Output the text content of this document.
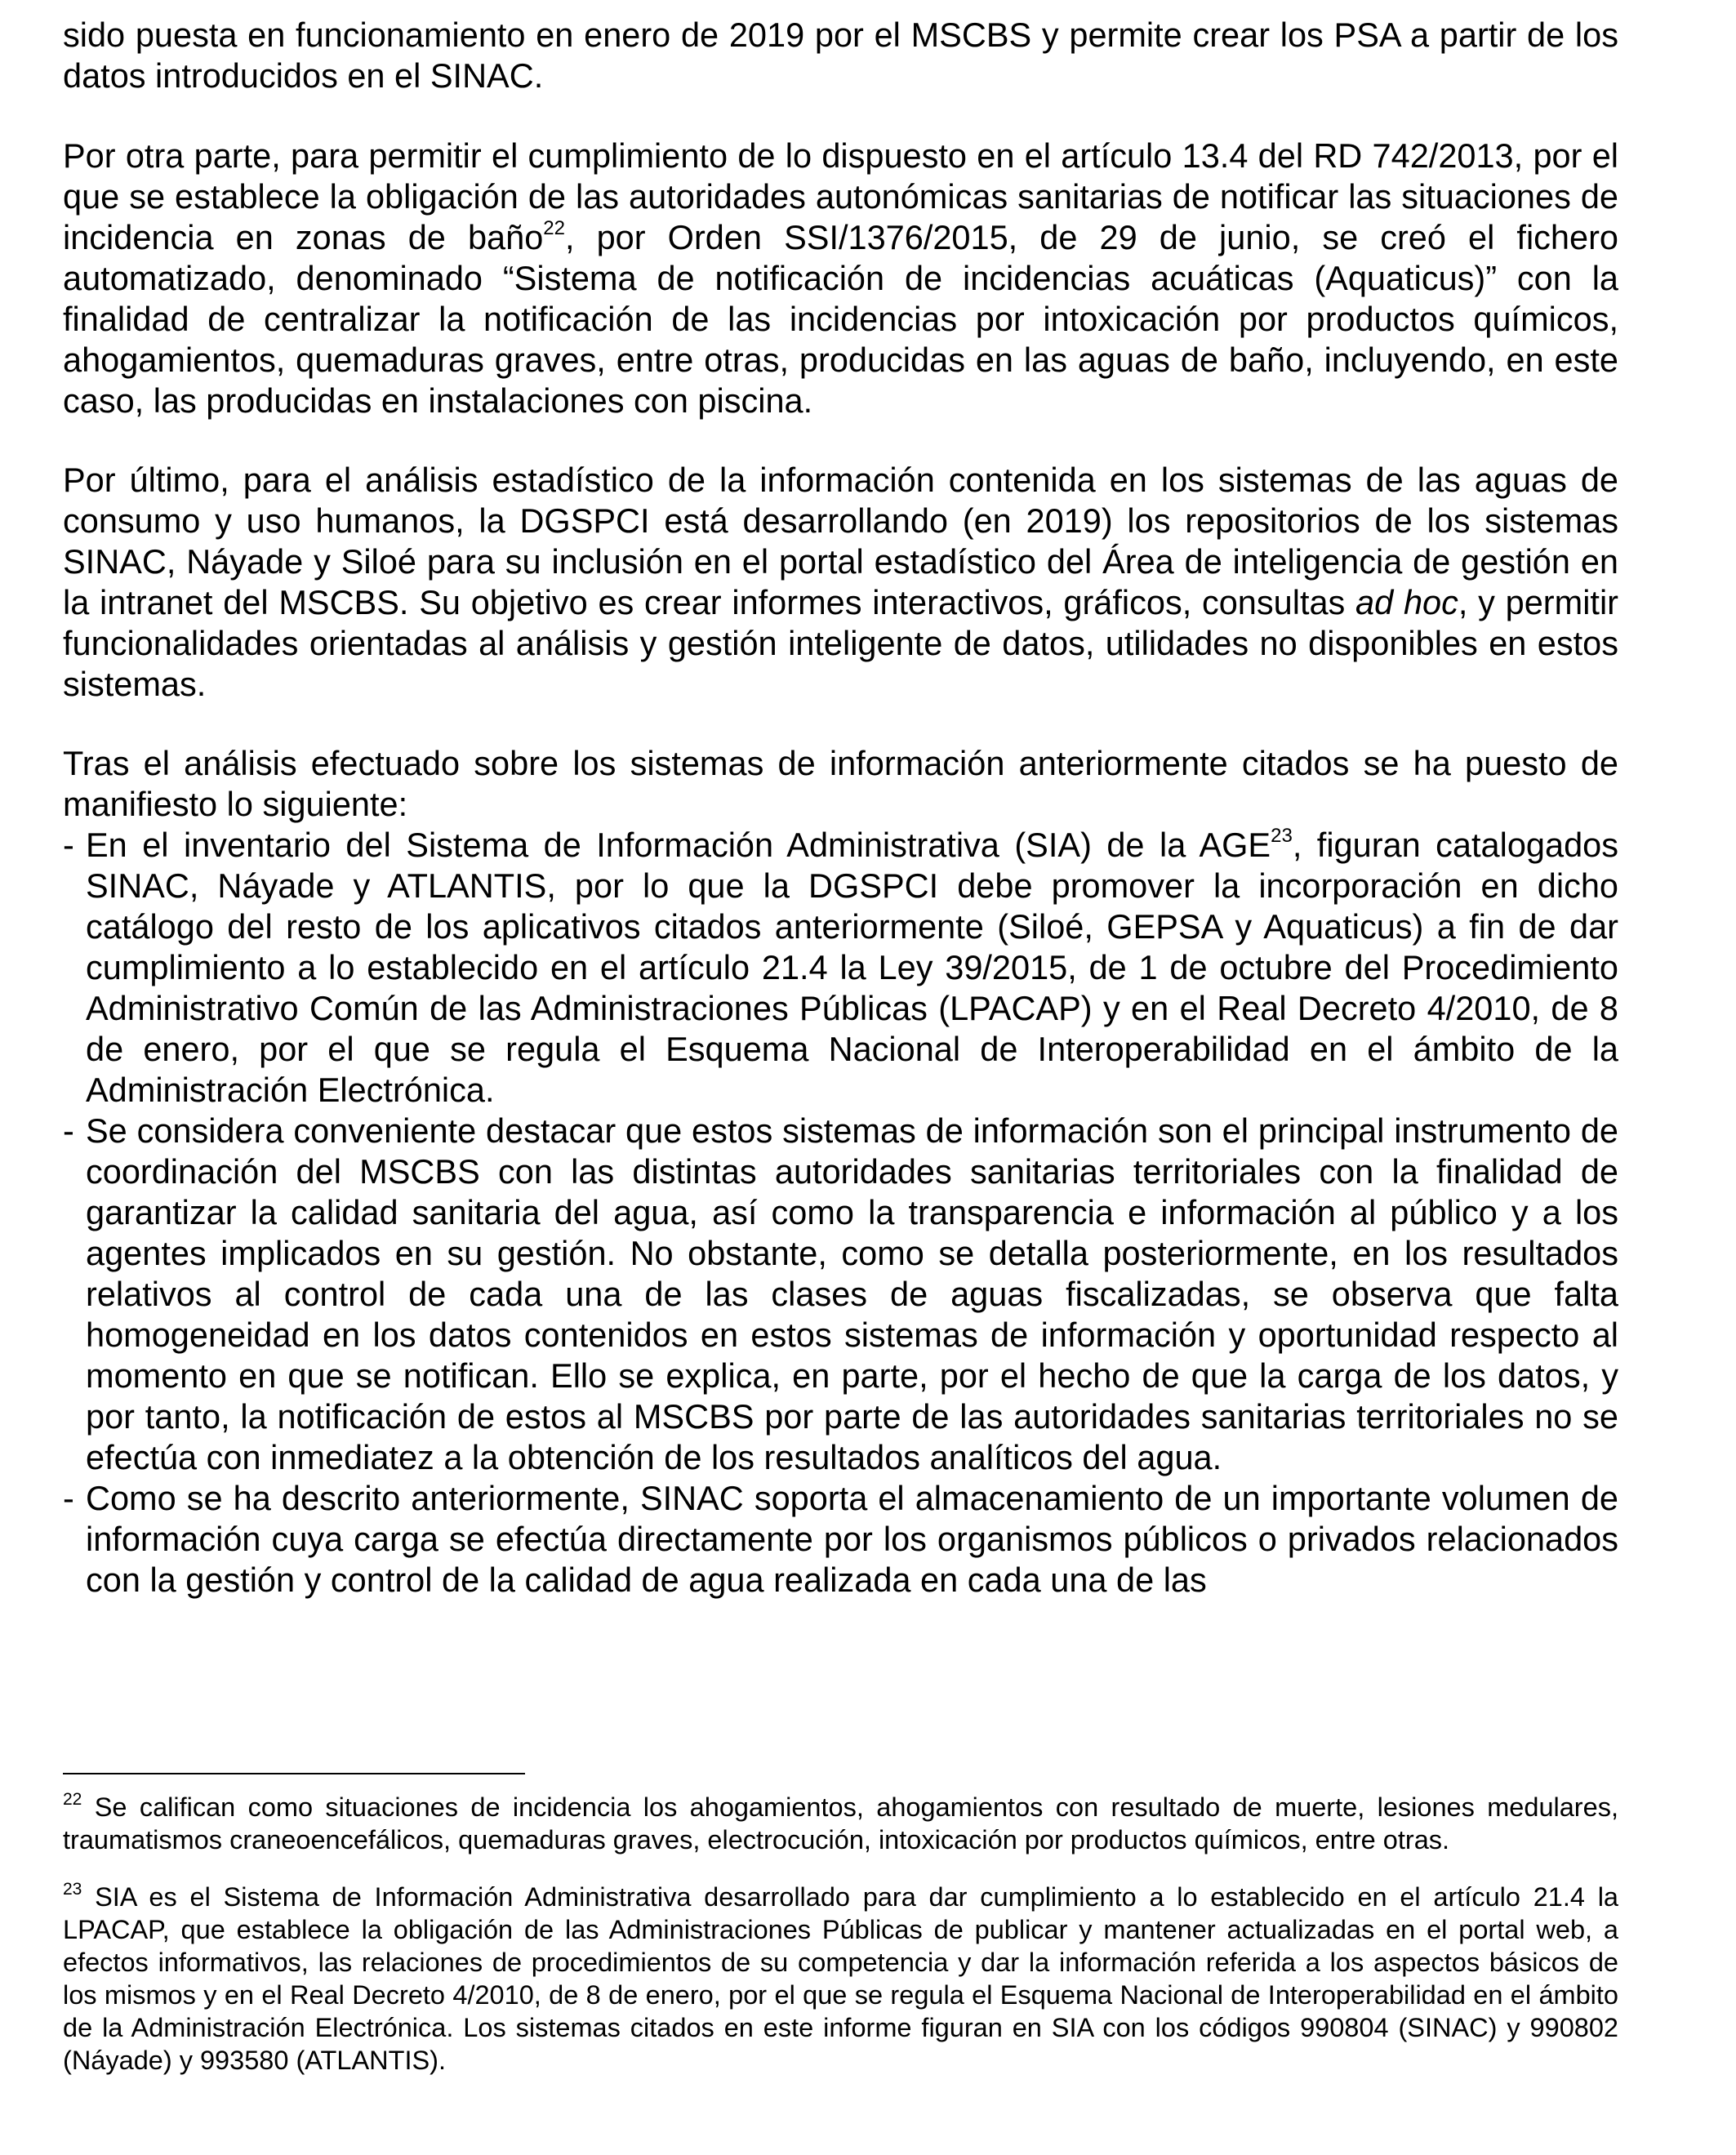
sido puesta en funcionamiento en enero de 2019 por el MSCBS y permite crear los PSA a partir de los datos introducidos en el SINAC.

Por otra parte, para permitir el cumplimiento de lo dispuesto en el artículo 13.4 del RD 742/2013, por el que se establece la obligación de las autoridades autonómicas sanitarias de notificar las situaciones de incidencia en zonas de baño$^{22}$, por Orden SSI/1376/2015, de 29 de junio, se creó el fichero automatizado, denominado “Sistema de notificación de incidencias acuáticas (Aquaticus)” con la finalidad de centralizar la notificación de las incidencias por intoxicación por productos químicos, ahogamientos, quemaduras graves, entre otras, producidas en las aguas de baño, incluyendo, en este caso, las producidas en instalaciones con piscina.

Por último, para el análisis estadístico de la información contenida en los sistemas de las aguas de consumo y uso humanos, la DGSPCI está desarrollando (en 2019) los repositorios de los sistemas SINAC, Náyade y Siloé para su inclusión en el portal estadístico del Área de inteligencia de gestión en la intranet del MSCBS. Su objetivo es crear informes interactivos, gráficos, consultas ad hoc, y permitir funcionalidades orientadas al análisis y gestión inteligente de datos, utilidades no disponibles en estos sistemas.

Tras el análisis efectuado sobre los sistemas de información anteriormente citados se ha puesto de manifiesto lo siguiente:

- En el inventario del Sistema de Información Administrativa (SIA) de la AGE$^{23}$, figuran catalogados SINAC, Náyade y ATLANTIS, por lo que la DGSPCI debe promover la incorporación en dicho catálogo del resto de los aplicativos citados anteriormente (Siloé, GEPSA y Aquaticus) a fin de dar cumplimiento a lo establecido en el artículo 21.4 la Ley 39/2015, de 1 de octubre del Procedimiento Administrativo Común de las Administraciones Públicas (LPACAP) y en el Real Decreto 4/2010, de 8 de enero, por el que se regula el Esquema Nacional de Interoperabilidad en el ámbito de la Administración Electrónica.
- Se considera conveniente destacar que estos sistemas de información son el principal instrumento de coordinación del MSCBS con las distintas autoridades sanitarias territoriales con la finalidad de garantizar la calidad sanitaria del agua, así como la transparencia e información al público y a los agentes implicados en su gestión. No obstante, como se detalla posteriormente, en los resultados relativos al control de cada una de las clases de aguas fiscalizadas, se observa que falta homogeneidad en los datos contenidos en estos sistemas de información y oportunidad respecto al momento en que se notifican. Ello se explica, en parte, por el hecho de que la carga de los datos, y por tanto, la notificación de estos al MSCBS por parte de las autoridades sanitarias territoriales no se efectúa con inmediatez a la obtención de los resultados analíticos del agua.
- Como se ha descrito anteriormente, SINAC soporta el almacenamiento de un importante volumen de información cuya carga se efectúa directamente por los organismos públicos o privados relacionados con la gestión y control de la calidad de agua realizada en cada una de las

$^{22}$ Se califican como situaciones de incidencia los ahogamientos, ahogamientos con resultado de muerte, lesiones medulares, traumatismos craneoencefálicos, quemaduras graves, electrocución, intoxicación por productos químicos, entre otras.

$^{23}$ SIA es el Sistema de Información Administrativa desarrollado para dar cumplimiento a lo establecido en el artículo 21.4 la LPACAP, que establece la obligación de las Administraciones Públicas de publicar y mantener actualizadas en el portal web, a efectos informativos, las relaciones de procedimientos de su competencia y dar la información referida a los aspectos básicos de los mismos y en el Real Decreto 4/2010, de 8 de enero, por el que se regula el Esquema Nacional de Interoperabilidad en el ámbito de la Administración Electrónica. Los sistemas citados en este informe figuran en SIA con los códigos 990804 (SINAC) y 990802 (Náyade) y 993580 (ATLANTIS).
